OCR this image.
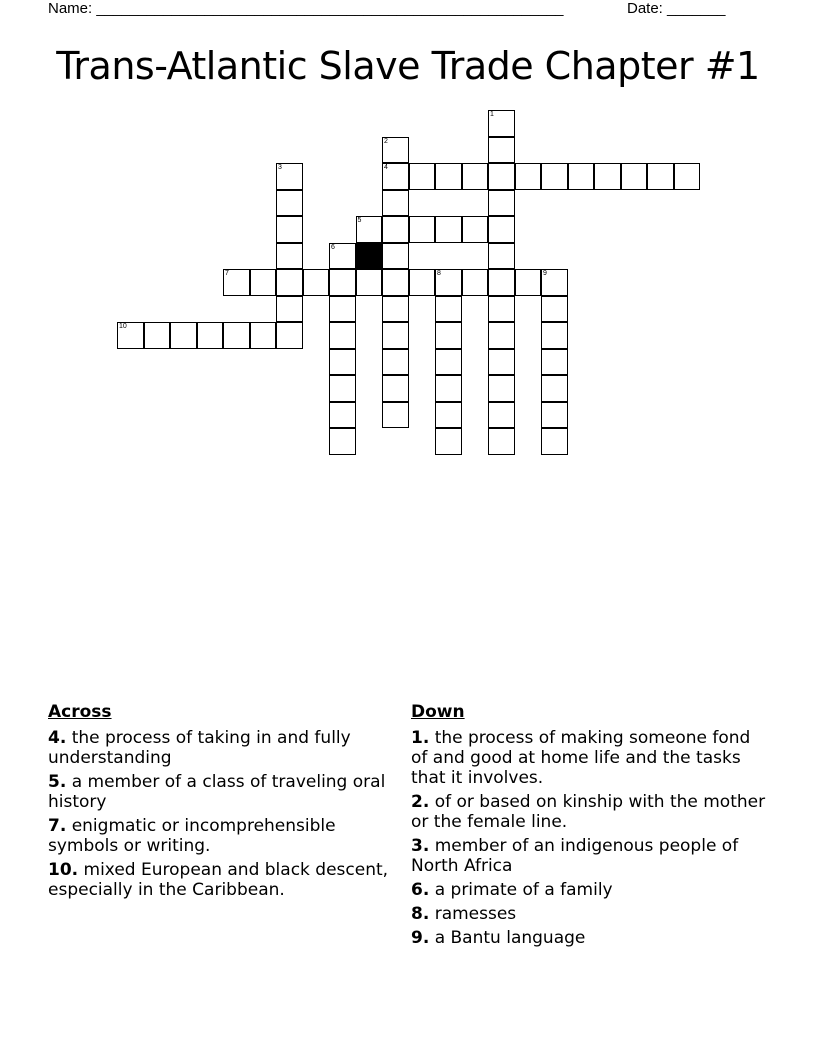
Name: ________________________________________________________	Date: _______
Trans-Atlantic Slave Trade Chapter #1
1
2
4
3
5
6
7	8	9
10
Across
4. the process of taking in and fully understanding
5. a member of a class of traveling oral history
7. enigmatic or incomprehensible symbols or writing.
10. mixed European and black descent, especially in the Caribbean.
Down
1. the process of making someone fond of and good at home life and the tasks that it involves.
2. of or based on kinship with the mother or the female line.
3. member of an indigenous people of North Africa
6. a primate of a family
8. ramesses
9. a Bantu language
